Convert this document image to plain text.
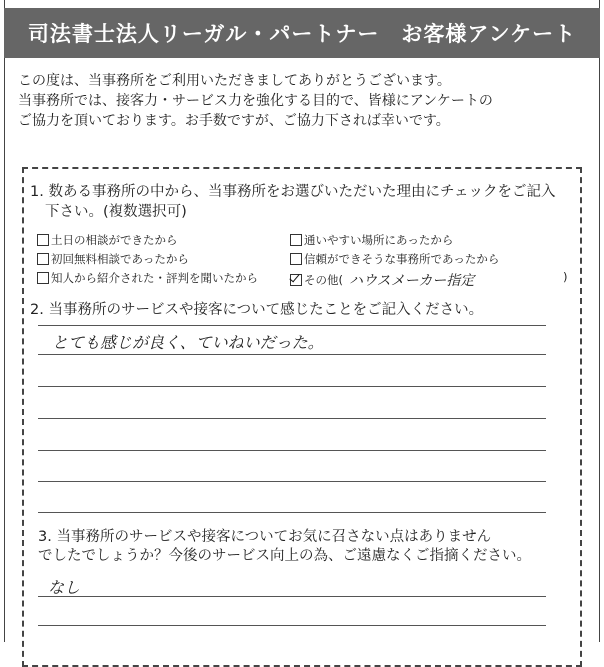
司法書士法人リーガル・パートナー　お客様アンケート
この度は、当事務所をご利用いただきましてありがとうございます。
当事務所では、接客力・サービス力を強化する目的で、皆様にアンケートの
ご協力を頂いております。お手数ですが、ご協力下されば幸いです。
1. 数ある事務所の中から、当事務所をお選びいただいた理由にチェックをご記入
下さい。(複数選択可)
土日の相談ができたから	通いやすい場所にあったから
初回無料相談であったから	信頼ができそうな事務所であったから
知人から紹介された・評判を聞いたから	その他( ハウスメーカー指定	)
2. 当事務所のサービスや接客について感じたことをご記入ください。
とても感じが良く、ていねいだった。
3. 当事務所のサービスや接客についてお気に召さない点はありません
でしたでしょうか？今後のサービス向上の為、ご遠慮なくご指摘ください。
なし
